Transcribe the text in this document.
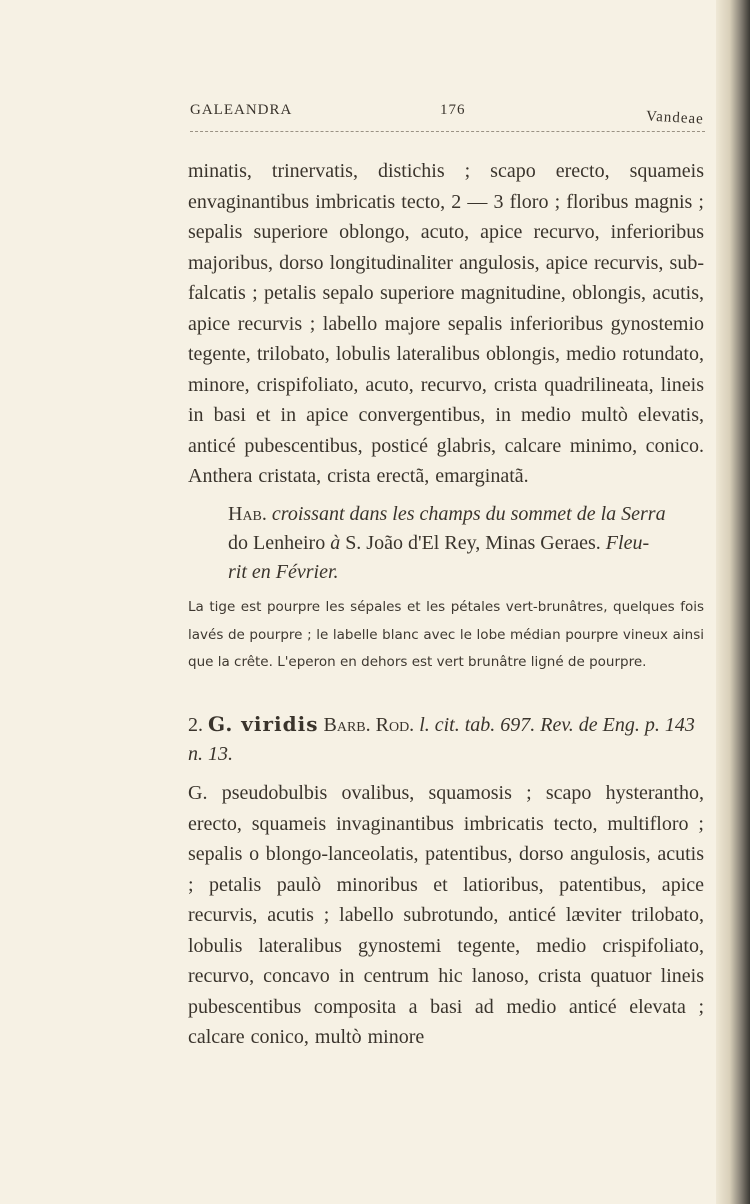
GALEANDRA	176	Vandeae
minatis, trinervatis, distichis ; scapo erecto, squameis envaginantibus imbricatis tecto, 2 — 3 floro ; floribus magnis ; sepalis superiore oblongo, acuto, apice recurvo, inferioribus majoribus, dorso longitudinaliter angulosis, apice recurvis, sub-falcatis ; petalis sepalo superiore magnitudine, oblongis, acutis, apice recurvis ; labello majore sepalis inferioribus gynostemio tegente, trilobato, lobulis lateralibus oblongis, medio rotundato, minore, crispifoliato, acuto, recurvo, crista quadrilineata, lineis in basi et in apice convergentibus, in medio multò elevatis, anticé pubescentibus, posticé glabris, calcare minimo, conico. Anthera cristata, crista erectã, emarginatã.
Hab. croissant dans les champs du sommet de la Serra
do Lenheiro à S. João d'El Rey, Minas Geraes. Fleu-
rit en Février.
La tige est pourpre les sépales et les pétales vert-brunâtres, quelques fois lavés de pourpre ; le labelle blanc avec le lobe médian pourpre vineux ainsi que la crête. L'eperon en dehors est vert brunâtre ligné de pourpre.
2. G. viridis Barb. Rod. l. cit. tab. 697. Rev. de Eng. p. 143 n. 13.
G. pseudobulbis ovalibus, squamosis ; scapo hysterantho, erecto, squameis invaginantibus imbricatis tecto, multifloro ; sepalis o blongo-lanceolatis, patentibus, dorso angulosis, acutis ; petalis paulò minoribus et latioribus, patentibus, apice recurvis, acutis ; labello subrotundo, anticé læviter trilobato, lobulis lateralibus gynostemi tegente, medio crispifoliato, recurvo, concavo in centrum hic lanoso, crista quatuor lineis pubescentibus composita a basi ad medio anticé elevata ; calcare conico, multò minore
